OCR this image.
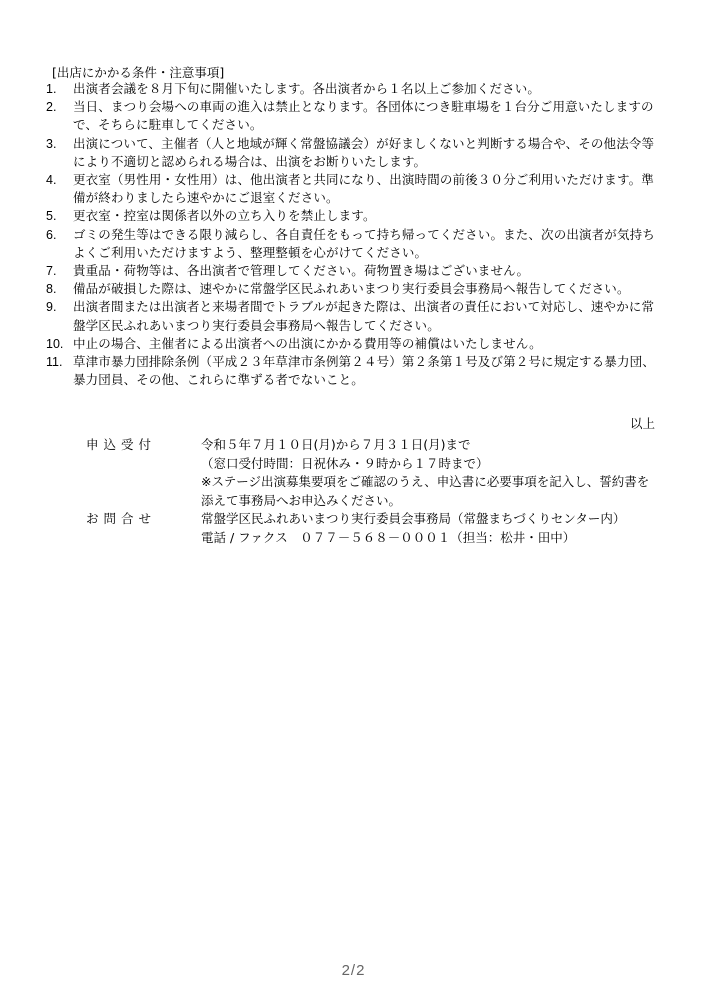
[出店にかかる条件・注意事項]
1.	出演者会議を８月下旬に開催いたします。各出演者から１名以上ご参加ください。
2.	当日、まつり会場への車両の進入は禁止となります。各団体につき駐車場を１台分ご用意いたしますので、そちらに駐車してください。
3.	出演について、主催者（人と地域が輝く常盤協議会）が好ましくないと判断する場合や、その他法令等により不適切と認められる場合は、出演をお断りいたします。
4.	更衣室（男性用・女性用）は、他出演者と共同になり、出演時間の前後３０分ご利用いただけます。準備が終わりましたら速やかにご退室ください。
5.	更衣室・控室は関係者以外の立ち入りを禁止します。
6.	ゴミの発生等はできる限り減らし、各自責任をもって持ち帰ってください。また、次の出演者が気持ちよくご利用いただけますよう、整理整頓を心がけてください。
7.	貴重品・荷物等は、各出演者で管理してください。荷物置き場はございません。
8.	備品が破損した際は、速やかに常盤学区民ふれあいまつり実行委員会事務局へ報告してください。
9.	出演者間または出演者と来場者間でトラブルが起きた際は、出演者の責任において対応し、速やかに常盤学区民ふれあいまつり実行委員会事務局へ報告してください。
10. 中止の場合、主催者による出演者への出演にかかる費用等の補償はいたしません。
11. 草津市暴力団排除条例（平成２３年草津市条例第２４号）第２条第１号及び第２号に規定する暴力団、暴力団員、その他、これらに準ずる者でないこと。
以上
申込受付	令和５年７月１０日(月)から７月３１日(月)まで
（窓口受付時間：日祝休み・９時から１７時まで）
※ステージ出演募集要項をご確認のうえ、申込書に必要事項を記入し、誓約書を添えて事務局へお申込みください。
お問合せ	常盤学区民ふれあいまつり実行委員会事務局（常盤まちづくりセンター内）
電話 / ファクス　０７７－５６８－０００１（担当：松井・田中）
2/2
